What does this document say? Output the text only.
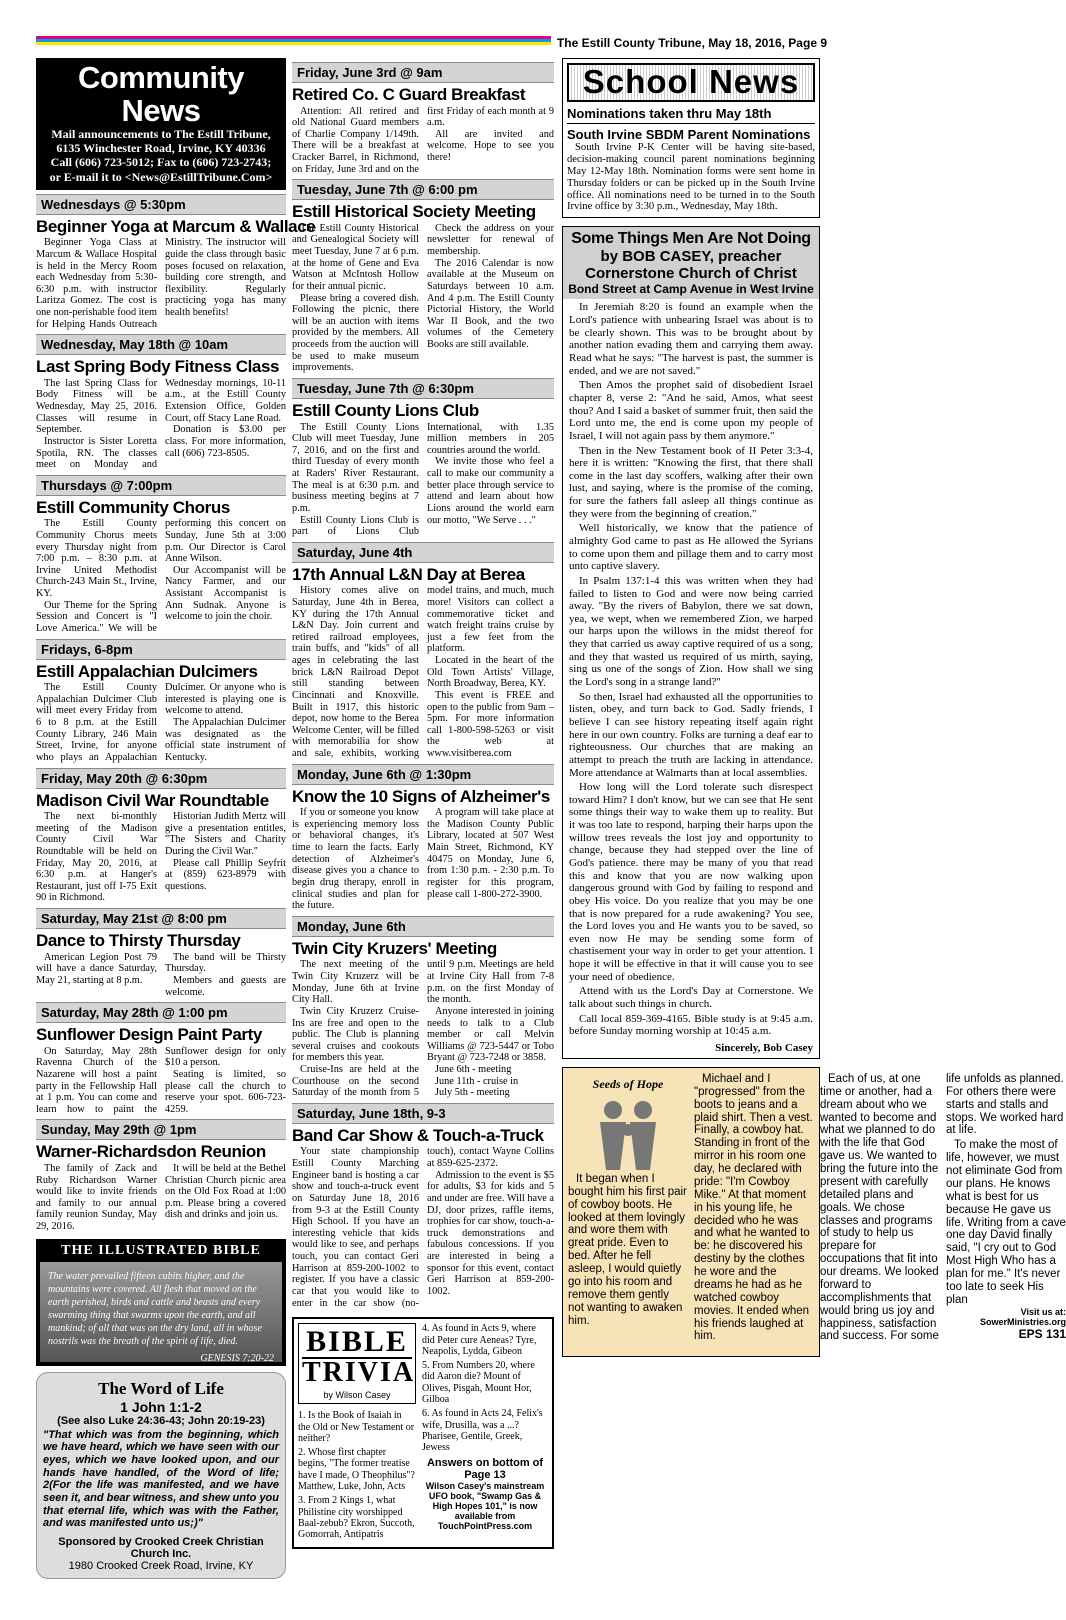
The Estill County Tribune, May 18, 2016, Page 9
Community News

Mail announcements to The Estill Tribune,

6135 Winchester Road, Irvine, KY 40336

Call (606) 723-5012; Fax to (606) 723-2743;

or E-mail it to <News@EstillTribune.Com>

Wednesdays @ 5:30pm
Beginner Yoga at Marcum & Wallace

Beginner Yoga Class at Marcum & Wallace Hospital is held in the Mercy Room each Wednesday from 5:30-6:30 p.m. with instructor Laritza Gomez. The cost is one non-perishable food item for Helping Hands Outreach Ministry. The instructor will guide the class through basic poses focused on relaxation, building core strength, and flexibility. Regularly practicing yoga has many health benefits!

Wednesday, May 18th @ 10am
Last Spring Body Fitness Class

The last Spring Class for Body Fitness will be Wednesday, May 25, 2016. Classes will resume in September.

Instructor is Sister Loretta Spotila, RN. The classes meet on Monday and Wednesday mornings, 10-11 a.m., at the Estill County Extension Office, Golden Court, off Stacy Lane Road.

Donation is $3.00 per class. For more information, call (606) 723-8505.

Thursdays @ 7:00pm
Estill Community Chorus

The Estill County Community Chorus meets every Thursday night from 7:00 p.m. – 8:30 p.m. at Irvine United Methodist Church-243 Main St., Irvine, KY.

Our Theme for the Spring Session and Concert is "I Love America." We will be performing this concert on Sunday, June 5th at 3:00 p.m. Our Director is Carol Anne Wilson.

Our Accompanist will be Nancy Farmer, and our Assistant Accompanist is Ann Sudnak. Anyone is welcome to join the choir.

Fridays, 6-8pm
Estill Appalachian Dulcimers

The Estill County Appalachian Dulcimer Club will meet every Friday from 6 to 8 p.m. at the Estill County Library, 246 Main Street, Irvine, for anyone who plays an Appalachian Dulcimer. Or anyone who is interested is playing one is welcome to attend.

The Appalachian Dulcimer was designated as the official state instrument of Kentucky.

Friday, May 20th @ 6:30pm
Madison Civil War Roundtable

The next bi-monthly meeting of the Madison County Civil War Roundtable will be held on Friday, May 20, 2016, at 6:30 p.m. at Hanger's Restaurant, just off I-75 Exit 90 in Richmond.

Historian Judith Mertz will give a presentation entitles, "The Sisters and Charity During the Civil War."

Please call Phillip Seyfrit at (859) 623-8979 with questions.

Saturday, May 21st @ 8:00 pm
Dance to Thirsty Thursday

American Legion Post 79 will have a dance Saturday, May 21, starting at 8 p.m.

The band will be Thirsty Thursday.

Members and guests are welcome.

Saturday, May 28th @ 1:00 pm
Sunflower Design Paint Party

On Saturday, May 28th Ravenna Church of the Nazarene will host a paint party in the Fellowship Hall at 1 p.m. You can come and learn how to paint the Sunflower design for only $10 a person.

Seating is limited, so please call the church to reserve your spot. 606-723-4259.

Sunday, May 29th @ 1pm
Warner-Richardsdon Reunion

The family of Zack and Ruby Richardson Warner would like to invite friends and family to our annual family reunion Sunday, May 29, 2016.

It will be held at the Bethel Christian Church picnic area on the Old Fox Road at 1:00 p.m. Please bring a covered dish and drinks and join us.

THE ILLUSTRATED BIBLE
The water prevailed fifteen cubits higher, and the mountains were covered. All flesh that moved on the earth perished, birds and cattle and beasts and every swarming thing that swarms upon the earth, and all mankind; of all that was on the dry land, all in whose nostrils was the breath of the spirit of life, died.
GENESIS 7:20-22
The Word of Life
1 John 1:1-2
(See also Luke 24:36-43; John 20:19-23)
"That which was from the beginning, which we have heard, which we have seen with our eyes, which we have looked upon, and our hands have handled, of the Word of life; 2(For the life was manifested, and we have seen it, and bear witness, and shew unto you that eternal life, which was with the Father, and was manifested unto us;)"
Sponsored by Crooked Creek Christian Church Inc.
1980 Crooked Creek Road, Irvine, KY
Friday, June 3rd @ 9am
Retired Co. C Guard Breakfast

Attention: All retired and old National Guard members of Charlie Company 1/149th. There will be a breakfast at Cracker Barrel, in Richmond, on Friday, June 3rd and on the first Friday of each month at 9 a.m.

All are invited and welcome. Hope to see you there!

Tuesday, June 7th @ 6:00 pm
Estill Historical Society Meeting

The Estill County Historical and Genealogical Society will meet Tuesday, June 7 at 6 p.m. at the home of Gene and Eva Watson at McIntosh Hollow for their annual picnic.

Please bring a covered dish. Following the picnic, there will be an auction with items provided by the members. All proceeds from the auction will be used to make museum improvements.

Check the address on your newsletter for renewal of membership.

The 2016 Calendar is now available at the Museum on Saturdays between 10 a.m. And 4 p.m. The Estill County Pictorial History, the World War II Book, and the two volumes of the Cemetery Books are still available.

Tuesday, June 7th @ 6:30pm
Estill County Lions Club

The Estill County Lions Club will meet Tuesday, June 7, 2016, and on the first and third Tuesday of every month at Raders' River Restaurant. The meal is at 6:30 p.m. and business meeting begins at 7 p.m.

Estill County Lions Club is part of Lions Club International, with 1.35 million members in 205 countries around the world.

We invite those who feel a call to make our community a better place through service to attend and learn about how Lions around the world earn our motto, "We Serve . . ."

Saturday, June 4th
17th Annual L&N Day at Berea

History comes alive on Saturday, June 4th in Berea, KY during the 17th Annual L&N Day. Join current and retired railroad employees, train buffs, and "kids" of all ages in celebrating the last brick L&N Railroad Depot still standing between Cincinnati and Knoxville. Built in 1917, this historic depot, now home to the Berea Welcome Center, will be filled with memorabilia for show and sale, exhibits, working model trains, and much, much more! Visitors can collect a commemorative ticket and watch freight trains cruise by just a few feet from the platform.

Located in the heart of the Old Town Artists' Village, North Broadway, Berea, KY.

This event is FREE and open to the public from 9am – 5pm. For more information call 1-800-598-5263 or visit the web at www.visitberea.com

Monday, June 6th @ 1:30pm
Know the 10 Signs of Alzheimer's

If you or someone you know is experiencing memory loss or behavioral changes, it's time to learn the facts. Early detection of Alzheimer's disease gives you a chance to begin drug therapy, enroll in clinical studies and plan for the future.

A program will take place at the Madison County Public Library, located at 507 West Main Street, Richmond, KY 40475 on Monday, June 6, from 1:30 p.m. - 2:30 p.m. To register for this program, please call 1-800-272-3900.

Monday, June 6th
Twin City Kruzers' Meeting

The next meeting of the Twin City Kruzerz will be Monday, June 6th at Irvine City Hall.

Twin City Kruzerz Cruise-Ins are free and open to the public. The Club is planning several cruises and cookouts for members this year.

Cruise-Ins are held at the Courthouse on the second Saturday of the month from 5 until 9 p.m. Meetings are held at Irvine City Hall from 7-8 p.m. on the first Monday of the month.

Anyone interested in joining needs to talk to a Club member or call Melvin Williams @ 723-5447 or Tobo Bryant @ 723-7248 or 3858.

June 6th - meeting

June 11th - cruise in

July 5th - meeting

Saturday, June 18th, 9-3
Band Car Show & Touch-a-Truck

Your state championship Estill County Marching Engineer band is hosting a car show and touch-a-truck event on Saturday June 18, 2016 from 9-3 at the Estill County High School. If you have an interesting vehicle that kids would like to see, and perhaps touch, you can contact Geri Harrison at 859-200-1002 to register. If you have a classic car that you would like to enter in the car show (no-touch), contact Wayne Collins at 859-625-2372.

Admission to the event is $5 for adults, $3 for kids and 5 and under are free. Will have a DJ, door prizes, raffle items, trophies for car show, touch-a-truck demonstrations and fabulous concessions. If you are interested in being a sponsor for this event, contact Geri Harrison at 859-200-1002.

BIBLE
TRIVIA
by Wilson Casey

1. Is the Book of Isaiah in the Old or New Testament or neither?

2. Whose first chapter begins, "The former treatise have I made, O Theophilus"? Matthew, Luke, John, Acts

3. From 2 Kings 1, what Philistine city worshipped Baal-zebub? Ekron, Succoth, Gomorrah, Antipatris

4. As found in Acts 9, where did Peter cure Aeneas? Tyre, Neapolis, Lydda, Gibeon

5. From Numbers 20, where did Aaron die? Mount of Olives, Pisgah, Mount Hor, Gilboa

6. As found in Acts 24, Felix's wife, Drusilla, was a ...? Pharisee, Gentile, Greek, Jewess

Answers on bottom of Page 13
Wilson Casey's mainstream UFO book, "Swamp Gas & High Hopes 101," is now available from TouchPointPress.com
School News
Nominations taken thru May 18th
South Irvine SBDM Parent Nominations
South Irvine P-K Center will be having site-based, decision-making council parent nominations beginning May 12-May 18th. Nomination forms were sent home in Thursday folders or can be picked up in the South Irvine office. All nominations need to be turned in to the South Irvine office by 3:30 p.m., Wednesday, May 18th.
Some Things Men Are Not Doing
by BOB CASEY, preacher
Cornerstone Church of Christ
Bond Street at Camp Avenue in West Irvine

In Jeremiah 8:20 is found an example when the Lord's patience with unhearing Israel was about is to be clearly shown. This was to be brought about by another nation evading them and carrying them away. Read what he says: "The harvest is past, the summer is ended, and we are not saved."

Then Amos the prophet said of disobedient Israel chapter 8, verse 2: "And he said, Amos, what seest thou? And I said a basket of summer fruit, then said the Lord unto me, the end is come upon my people of Israel, I will not again pass by them anymore."

Then in the New Testament book of II Peter 3:3-4, here it is written: "Knowing the first, that there shall come in the last day scoffers, walking after their own lust, and saying, where is the promise of the coming, for sure the fathers fall asleep all things continue as they were from the beginning of creation."

Well historically, we know that the patience of almighty God came to past as He allowed the Syrians to come upon them and pillage them and to carry most unto captive slavery.

In Psalm 137:1-4 this was written when they had failed to listen to God and were now being carried away. "By the rivers of Babylon, there we sat down, yea, we wept, when we remembered Zion, we harped our harps upon the willows in the midst thereof for they that carried us away captive required of us a song, and they that wasted us required of us mirth, saying, sing us one of the songs of Zion. How shall we sing the Lord's song in a strange land?"

So then, Israel had exhausted all the opportunities to listen, obey, and turn back to God. Sadly friends, I believe I can see history repeating itself again right here in our own country. Folks are turning a deaf ear to righteousness. Our churches that are making an attempt to preach the truth are lacking in attendance. More attendance at Walmarts than at local assemblies.

How long will the Lord tolerate such disrespect toward Him? I don't know, but we can see that He sent some things their way to wake them up to reality. But it was too late to respond, harping their harps upon the willow trees reveals the lost joy and opportunity to change, because they had stepped over the line of God's patience. there may be many of you that read this and know that you are now walking upon dangerous ground with God by failing to respond and obey His voice. Do you realize that you may be one that is now prepared for a rude awakening? You see, the Lord loves you and He wants you to be saved, so even now He may be sending some form of chastisement your way in order to get your attention. I hope it will be effective in that it will cause you to see your need of obedience.

Attend with us the Lord's Day at Cornerstone. We talk about such things in church.

Call local 859-369-4165. Bible study is at 9:45 a.m. before Sunday morning worship at 10:45 a.m.

Sincerely, Bob Casey
Seeds of Hope

It began when I bought him his first pair of cowboy boots. He looked at them lovingly and wore them with great pride. Even to bed. After he fell asleep, I would quietly go into his room and remove them gently not wanting to awaken him.

Michael and I "progressed" from the boots to jeans and a plaid shirt. Then a vest. Finally, a cowboy hat. Standing in front of the mirror in his room one day, he declared with pride: "I'm Cowboy Mike." At that moment in his young life, he decided who he was and what he wanted to be: he discovered his destiny by the clothes he wore and the dreams he had as he watched cowboy movies. It ended when his friends laughed at him.

Each of us, at one time or another, had a dream about who we wanted to become and what we planned to do with the life that God gave us. We wanted to bring the future into the present with carefully detailed plans and goals. We chose classes and programs of study to help us prepare for occupations that fit into our dreams. We looked forward to accomplishments that would bring us joy and happiness, satisfaction and success. For some life unfolds as planned. For others there were starts and stalls and stops. We worked hard at life.

To make the most of life, however, we must not eliminate God from our plans. He knows what is best for us because He gave us life. Writing from a cave one day David finally said, "I cry out to God Most High Who has a plan for me." It's never too late to seek His plan

Visit us at: SowerMinistries.org
EPS 131
